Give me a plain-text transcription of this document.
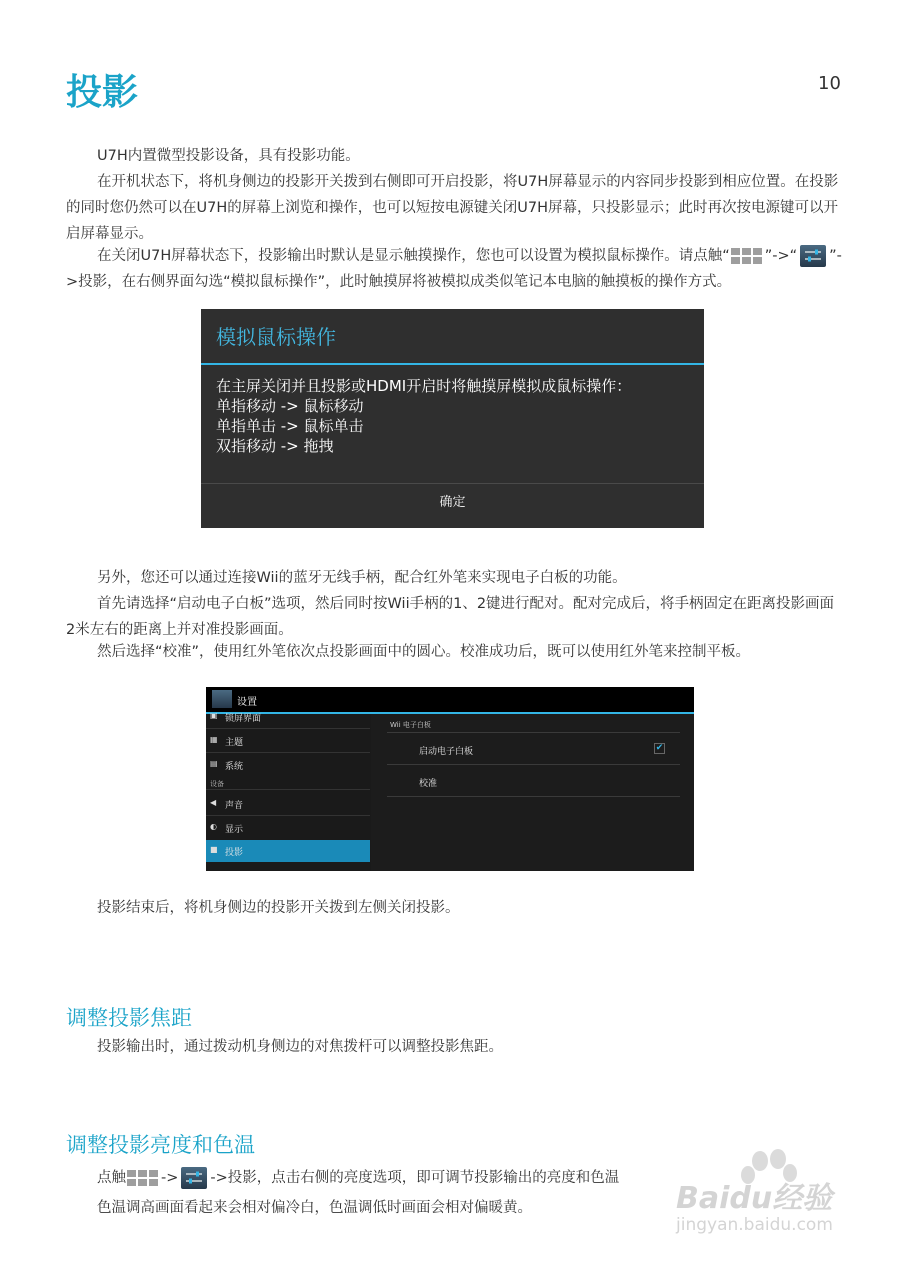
投影	10
U7H内置微型投影设备，具有投影功能。
在开机状态下，将机身侧边的投影开关拨到右侧即可开启投影，将U7H屏幕显示的内容同步投影到相应位置。在投影的同时您仍然可以在U7H的屏幕上浏览和操作，也可以短按电源键关闭U7H屏幕，只投影显示；此时再次按电源键可以开启屏幕显示。
在关闭U7H屏幕状态下，投影输出时默认是显示触摸操作，您也可以设置为模拟鼠标操作。请点触“ ”->“ ”->投影，在右侧界面勾选“模拟鼠标操作”，此时触摸屏将被模拟成类似笔记本电脑的触摸板的操作方式。
模拟鼠标操作
在主屏关闭并且投影或HDMI开启时将触摸屏模拟成鼠标操作：
单指移动 -> 鼠标移动
单指单击 -> 鼠标单击
双指移动 -> 拖拽
确定
另外，您还可以通过连接Wii的蓝牙无线手柄，配合红外笔来实现电子白板的功能。
首先请选择“启动电子白板”选项，然后同时按Wii手柄的1、2键进行配对。配对完成后，将手柄固定在距离投影画面2米左右的距离上并对准投影画面。
然后选择“校准”，使用红外笔依次点投影画面中的圆心。校准成功后，既可以使用红外笔来控制平板。
设置
▣ 锁屏界面
▦ 主题
▤ 系统
设备
◀ 声音
◐ 显示
■ 投影
Wii 电子白板
启动电子白板	✔
校准
投影结束后，将机身侧边的投影开关拨到左侧关闭投影。
调整投影焦距
投影输出时，通过拨动机身侧边的对焦拨杆可以调整投影焦距。
调整投影亮度和色温
点触 -> ->投影，点击右侧的亮度选项，即可调节投影输出的亮度和色温
色温调高画面看起来会相对偏冷白，色温调低时画面会相对偏暖黄。	Baidu经验
jingyan.baidu.com
